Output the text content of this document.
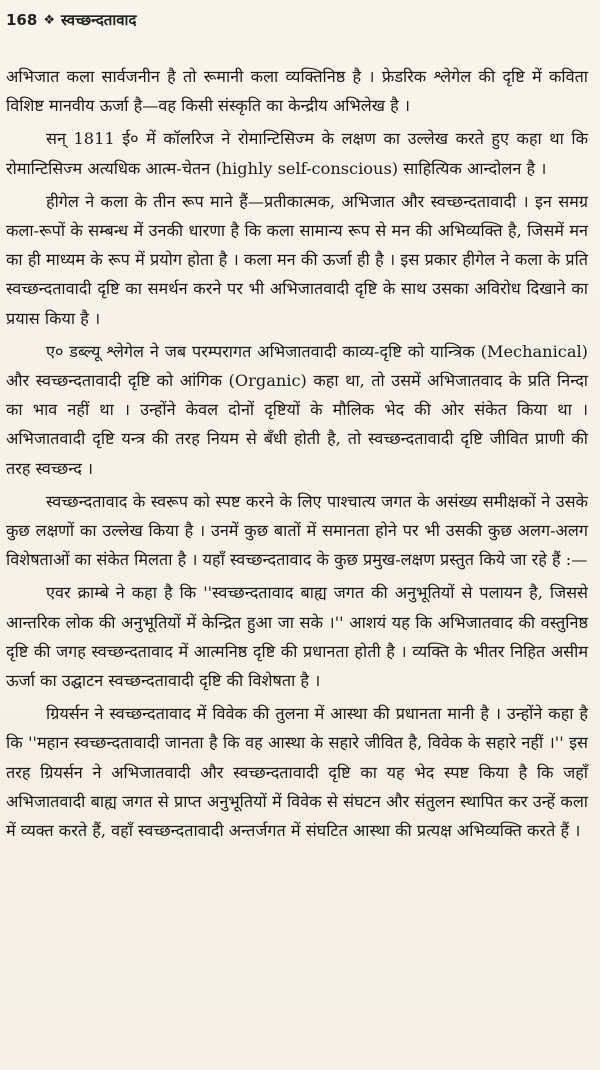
168 ❖ स्वच्छन्दतावाद

अभिजात कला सार्वजनीन है तो रूमानी कला व्यक्तिनिष्ठ है । फ्रेडरिक श्लेगेल की दृष्टि में कविता विशिष्ट मानवीय ऊर्जा है—वह किसी संस्कृति का केन्द्रीय अभिलेख है ।

सन् 1811 ई० में कॉलरिज ने रोमान्टिसिज्म के लक्षण का उल्लेख करते हुए कहा था कि रोमान्टिसिज्म अत्यधिक आत्म-चेतन (highly self-conscious) साहित्यिक आन्दोलन है ।

हीगेल ने कला के तीन रूप माने हैं—प्रतीकात्मक, अभिजात और स्वच्छन्दतावादी । इन समग्र कला-रूपों के सम्बन्ध में उनकी धारणा है कि कला सामान्य रूप से मन की अभिव्यक्ति है, जिसमें मन का ही माध्यम के रूप में प्रयोग होता है । कला मन की ऊर्जा ही है । इस प्रकार हीगेल ने कला के प्रति स्वच्छन्दतावादी दृष्टि का समर्थन करने पर भी अभिजातवादी दृष्टि के साथ उसका अविरोध दिखाने का प्रयास किया है ।

ए० डब्ल्यू श्लेगेल ने जब परम्परागत अभिजातवादी काव्य-दृष्टि को यान्त्रिक (Mechanical) और स्वच्छन्दतावादी दृष्टि को आंगिक (Organic) कहा था, तो उसमें अभिजातवाद के प्रति निन्दा का भाव नहीं था । उन्होंने केवल दोनों दृष्टियों के मौलिक भेद की ओर संकेत किया था । अभिजातवादी दृष्टि यन्त्र की तरह नियम से बँधी होती है, तो स्वच्छन्दतावादी दृष्टि जीवित प्राणी की तरह स्वच्छन्द ।

स्वच्छन्दतावाद के स्वरूप को स्पष्ट करने के लिए पाश्चात्य जगत के असंख्य समीक्षकों ने उसके कुछ लक्षणों का उल्लेख किया है । उनमें कुछ बातों में समानता होने पर भी उसकी कुछ अलग-अलग विशेषताओं का संकेत मिलता है । यहाँ स्वच्छन्दतावाद के कुछ प्रमुख-लक्षण प्रस्तुत किये जा रहे हैं :—

एवर क्राम्बे ने कहा है कि ''स्वच्छन्दतावाद बाह्य जगत की अनुभूतियों से पलायन है, जिससे आन्तरिक लोक की अनुभूतियों में केन्द्रित हुआ जा सके ।'' आशयं यह कि अभिजातवाद की वस्तुनिष्ठ दृष्टि की जगह स्वच्छन्दतावाद में आत्मनिष्ठ दृष्टि की प्रधानता होती है । व्यक्ति के भीतर निहित असीम ऊर्जा का उद्घाटन स्वच्छन्दतावादी दृष्टि की विशेषता है ।

ग्रियर्सन ने स्वच्छन्दतावाद में विवेक की तुलना में आस्था की प्रधानता मानी है । उन्होंने कहा है कि ''महान स्वच्छन्दतावादी जानता है कि वह आस्था के सहारे जीवित है, विवेक के सहारे नहीं ।'' इस तरह ग्रियर्सन ने अभिजातवादी और स्वच्छन्दतावादी दृष्टि का यह भेद स्पष्ट किया है कि जहाँ अभिजातवादी बाह्य जगत से प्राप्त अनुभूतियों में विवेक से संघटन और संतुलन स्थापित कर उन्हें कला में व्यक्त करते हैं, वहाँ स्वच्छन्दतावादी अन्तर्जगत में संघटित आस्था की प्रत्यक्ष अभिव्यक्ति करते हैं ।
